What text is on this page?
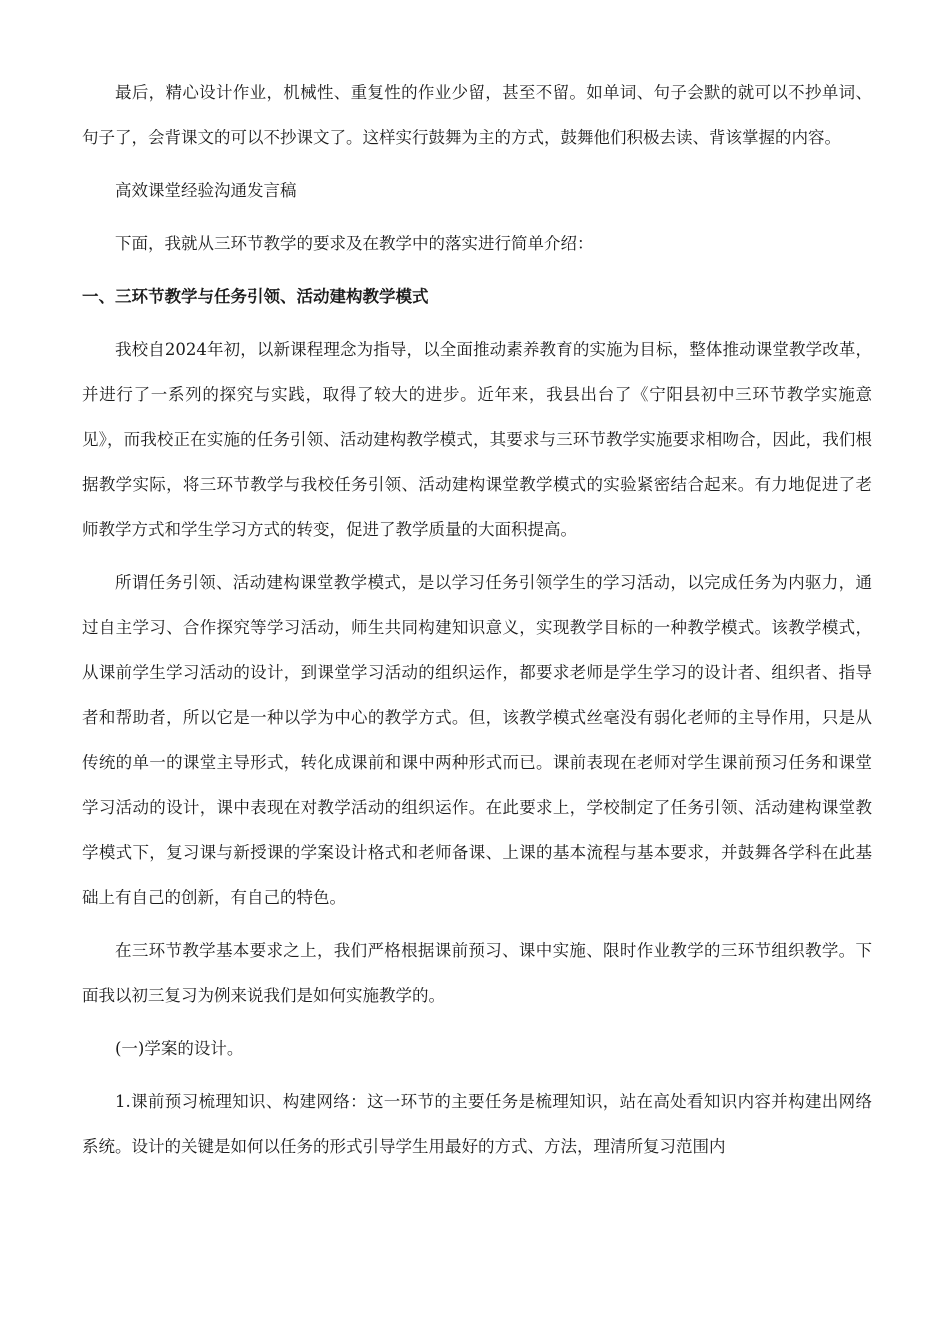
最后，精心设计作业，机械性、重复性的作业少留，甚至不留。如单词、句子会默的就可以不抄单词、句子了，会背课文的可以不抄课文了。这样实行鼓舞为主的方式，鼓舞他们积极去读、背该掌握的内容。

高效课堂经验沟通发言稿

下面，我就从三环节教学的要求及在教学中的落实进行简单介绍：

一、三环节教学与任务引领、活动建构教学模式

我校自2024年初，以新课程理念为指导，以全面推动素养教育的实施为目标，整体推动课堂教学改革，并进行了一系列的探究与实践，取得了较大的进步。近年来，我县出台了《宁阳县初中三环节教学实施意见》，而我校正在实施的任务引领、活动建构教学模式，其要求与三环节教学实施要求相吻合，因此，我们根据教学实际，将三环节教学与我校任务引领、活动建构课堂教学模式的实验紧密结合起来。有力地促进了老师教学方式和学生学习方式的转变，促进了教学质量的大面积提高。

所谓任务引领、活动建构课堂教学模式，是以学习任务引领学生的学习活动，以完成任务为内驱力，通过自主学习、合作探究等学习活动，师生共同构建知识意义，实现教学目标的一种教学模式。该教学模式，从课前学生学习活动的设计，到课堂学习活动的组织运作，都要求老师是学生学习的设计者、组织者、指导者和帮助者，所以它是一种以学为中心的教学方式。但，该教学模式丝毫没有弱化老师的主导作用，只是从传统的单一的课堂主导形式，转化成课前和课中两种形式而已。课前表现在老师对学生课前预习任务和课堂学习活动的设计，课中表现在对教学活动的组织运作。在此要求上，学校制定了任务引领、活动建构课堂教学模式下，复习课与新授课的学案设计格式和老师备课、上课的基本流程与基本要求，并鼓舞各学科在此基础上有自己的创新，有自己的特色。

在三环节教学基本要求之上，我们严格根据课前预习、课中实施、限时作业教学的三环节组织教学。下面我以初三复习为例来说我们是如何实施教学的。

(一)学案的设计。

1.课前预习梳理知识、构建网络：这一环节的主要任务是梳理知识，站在高处看知识内容并构建出网络系统。设计的关键是如何以任务的形式引导学生用最好的方式、方法，理清所复习范围内
